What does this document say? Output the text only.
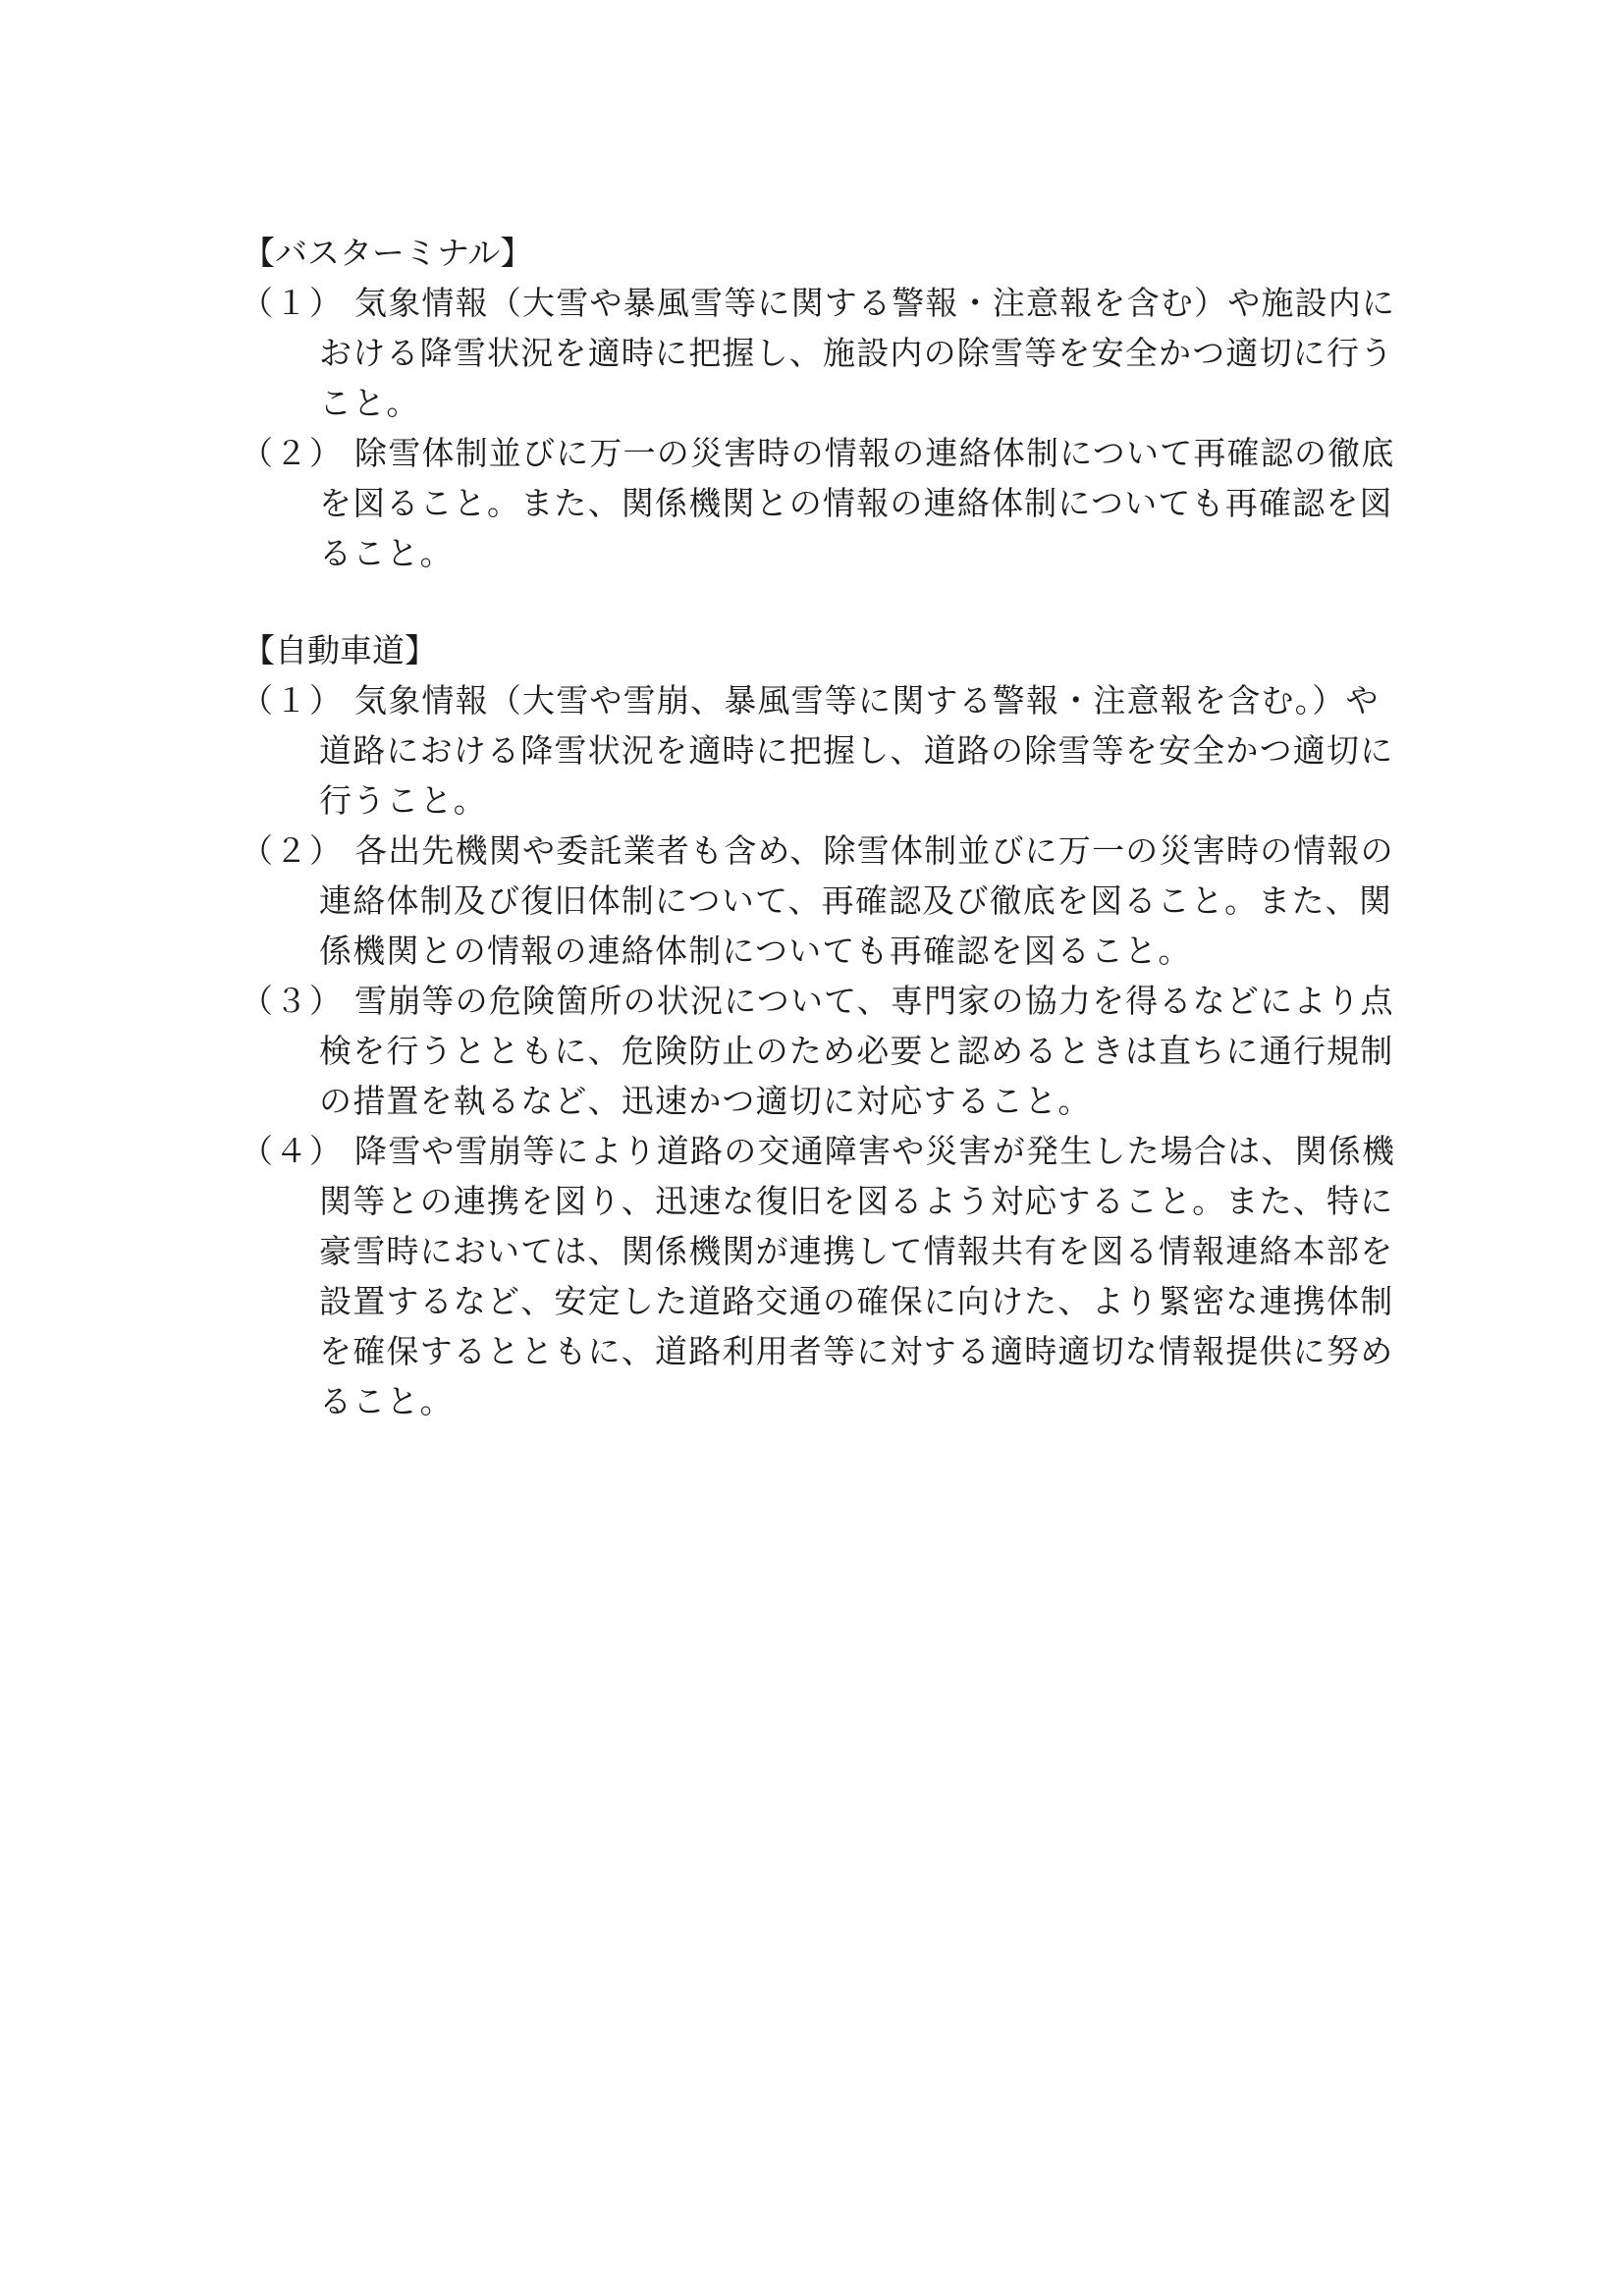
【バスターミナル】

（１） 気象情報（大雪や暴風雪等に関する警報・注意報を含む）や施設内における降雪状況を適時に把握し、施設内の除雪等を安全かつ適切に行うこと。

（２） 除雪体制並びに万一の災害時の情報の連絡体制について再確認の徹底を図ること。また、関係機関との情報の連絡体制についても再確認を図ること。

【自動車道】

（１） 気象情報（大雪や雪崩、暴風雪等に関する警報・注意報を含む。）や道路における降雪状況を適時に把握し、道路の除雪等を安全かつ適切に行うこと。

（２） 各出先機関や委託業者も含め、除雪体制並びに万一の災害時の情報の連絡体制及び復旧体制について、再確認及び徹底を図ること。また、関係機関との情報の連絡体制についても再確認を図ること。

（３） 雪崩等の危険箇所の状況について、専門家の協力を得るなどにより点検を行うとともに、危険防止のため必要と認めるときは直ちに通行規制の措置を執るなど、迅速かつ適切に対応すること。

（４） 降雪や雪崩等により道路の交通障害や災害が発生した場合は、関係機関等との連携を図り、迅速な復旧を図るよう対応すること。また、特に豪雪時においては、関係機関が連携して情報共有を図る情報連絡本部を設置するなど、安定した道路交通の確保に向けた、より緊密な連携体制を確保するとともに、道路利用者等に対する適時適切な情報提供に努めること。
